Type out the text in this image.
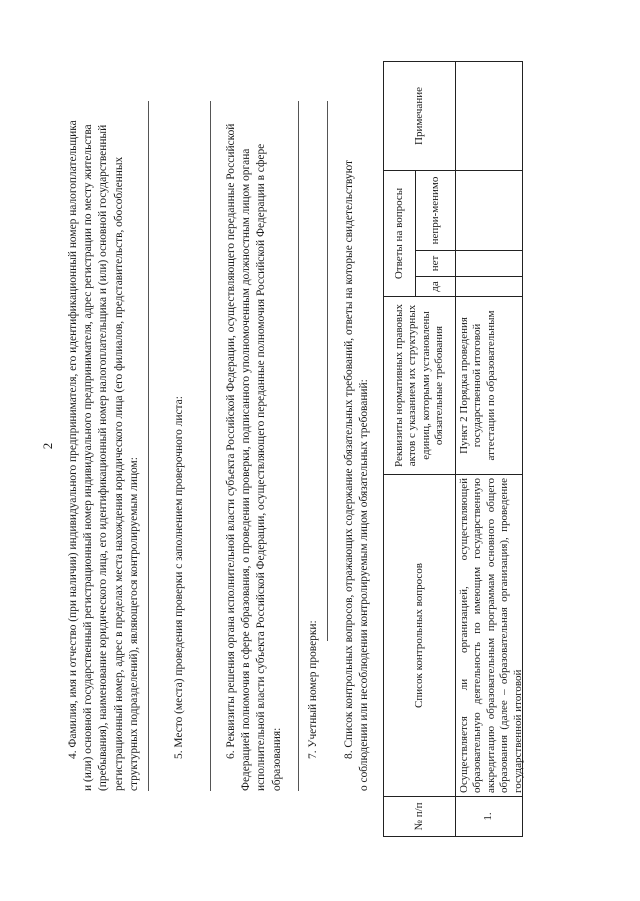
2 4. Фамилия, имя и отчество (при наличии) индивидуального предпринимателя, его идентификационный номер налогоплательщика и (или) основной государственный регистрационный номер индивидуального предпринимателя, адрес регистрации по месту жительства (пребывания), наименование юридического лица, его идентификационный номер налогоплательщика и (или) основной государственный регистрационный номер, адрес в пределах места нахождения юридического лица (его филиалов, представительств, обособленных структурных подразделений), являющегося контролируемым лицом:	5. Место (места) проведения проверки с заполнением проверочного листа:	6. Реквизиты решения органа исполнительной власти субъекта Российской Федерации, осуществляющего переданные Российской Федерацией полномочия в сфере образования, о проведении проверки, подписанного уполномоченным должностным лицом органа исполнительной власти субъекта Российской Федерации, осуществляющего переданные полномочия Российской Федерации в сфере образования:

7. Учетный номер проверки: 8. Список контрольных вопросов, отражающих содержание обязательных требований, ответы на которые свидетельствуют о соблюдении или несоблюдении контролируемым лицом обязательных требований:

№ п/п
Список контрольных вопросов
Реквизиты нормативных правовых актов с указанием их структурных единиц, которыми установлены обязательные требования
Ответы на вопросы
да
нет
непри-менимо
Примечание
1.
Осуществляется ли организацией, осуществляющей образовательную деятельность по имеющим государственную аккредитацию образовательным программам основного общего образования (далее – образовательная организация), проведение государственной итоговой
Пункт 2 Порядка проведения государственной итоговой аттестации по образовательным
